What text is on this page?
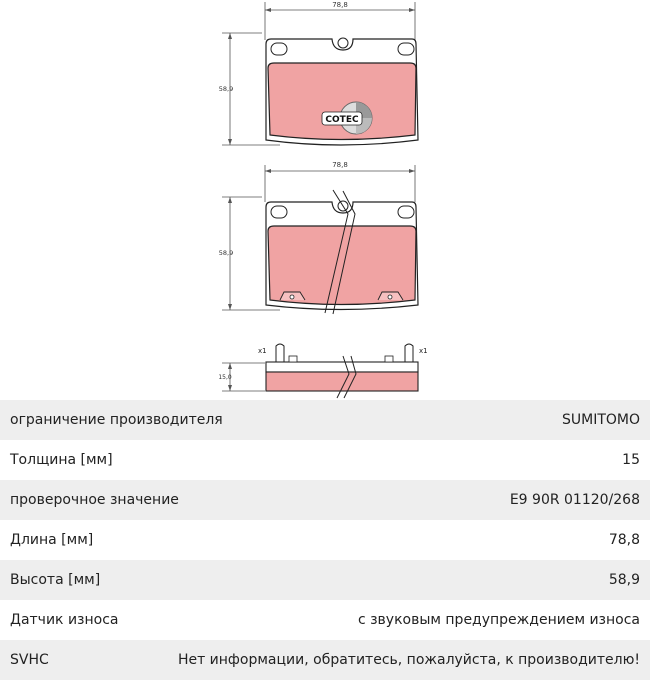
78,8
58,9
COTEC
78,8
58,9
15,0
x1	x1
ограничение производителя	SUMITOMO
Толщина [мм]	15
проверочное значение	E9 90R 01120/268
Длина [мм]	78,8
Высота [мм]	58,9
Датчик износа	с звуковым предупреждением износа
SVHC	Нет информации, обратитесь, пожалуйста, к производителю!
